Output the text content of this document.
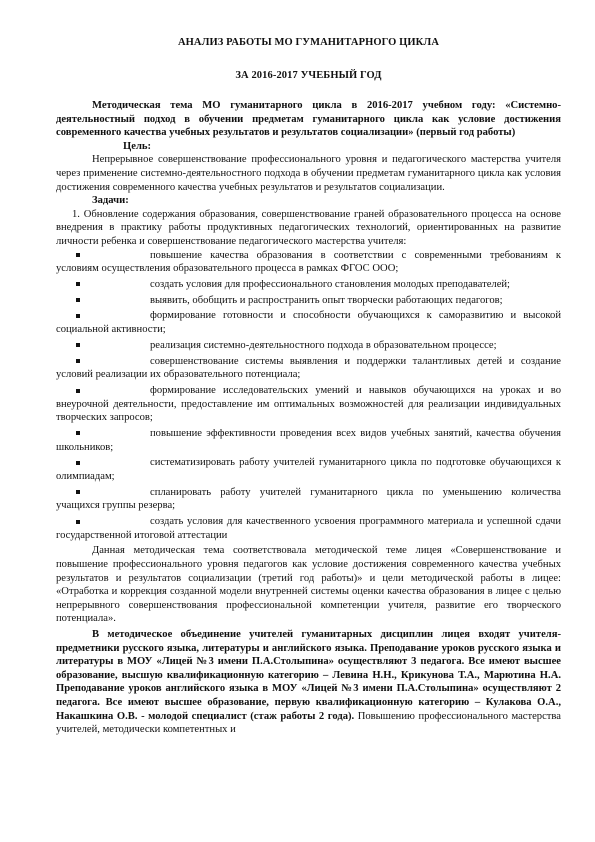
АНАЛИЗ РАБОТЫ МО ГУМАНИТАРНОГО ЦИКЛА
ЗА 2016-2017 УЧЕБНЫЙ ГОД

Методическая тема МО гуманитарного цикла в 2016-2017 учебном году: «Системно-деятельностный подход в обучении предметам гуманитарного цикла как условие достижения современного качества учебных результатов и результатов социализации» (первый год работы)

Цель:

Непрерывное совершенствование профессионального уровня и педагогического мастерства учителя через применение системно-деятельностного подхода в обучении предметам гуманитарного цикла как условия достижения современного качества учебных результатов и результатов социализации.

Задачи:

1. Обновление содержания образования, совершенствование граней образовательного процесса на основе внедрения в практику работы продуктивных педагогических технологий, ориентированных на развитие личности ребенка и совершенствование педагогического мастерства учителя:

повышение качества образования в соответствии с современными требованиям к условиям осуществления образовательного процесса в рамках ФГОС ООО;
создать условия для профессионального становления молодых преподавателей;
выявить, обобщить и распространить опыт творчески работающих педагогов;
формирование готовности и способности обучающихся к саморазвитию и высокой социальной активности;
реализация системно-деятельностного подхода в образовательном процессе;
совершенствование системы выявления и поддержки талантливых детей и создание условий реализации их образовательного потенциала;
формирование исследовательских умений и навыков обучающихся на уроках и во внеурочной деятельности, предоставление им оптимальных возможностей для реализации индивидуальных творческих запросов;
повышение эффективности проведения всех видов учебных занятий, качества обучения школьников;
систематизировать работу учителей гуманитарного цикла по подготовке обучающихся к олимпиадам;
спланировать работу учителей гуманитарного цикла по уменьшению количества учащихся группы резерва;
создать условия для качественного усвоения программного материала и успешной сдачи государственной итоговой аттестации

Данная методическая тема соответствовала методической теме лицея «Совершенствование и повышение профессионального уровня педагогов как условие достижения современного качества учебных результатов и результатов социализации (третий год работы)» и цели методической работы в лицее: «Отработка и коррекция созданной модели внутренней системы оценки качества образования в лицее с целью непрерывного совершенствования профессиональной компетенции учителя, развитие его творческого потенциала».

В методическое объединение учителей гуманитарных дисциплин лицея входят учителя-предметники русского языка, литературы и английского языка. Преподавание уроков русского языка и литературы в МОУ «Лицей №3 имени П.А.Столыпина» осуществляют 3 педагога. Все имеют высшее образование, высшую квалификационную категорию – Левина Н.Н., Крикунова Т.А., Марютина Н.А. Преподавание уроков английского языка в МОУ «Лицей №3 имени П.А.Столыпина» осуществляют 2 педагога. Все имеют высшее образование, первую квалификационную категорию – Кулакова О.А., Накашкина О.В. - молодой специалист (стаж работы 2 года). Повышению профессионального мастерства учителей, методически компетентных и
